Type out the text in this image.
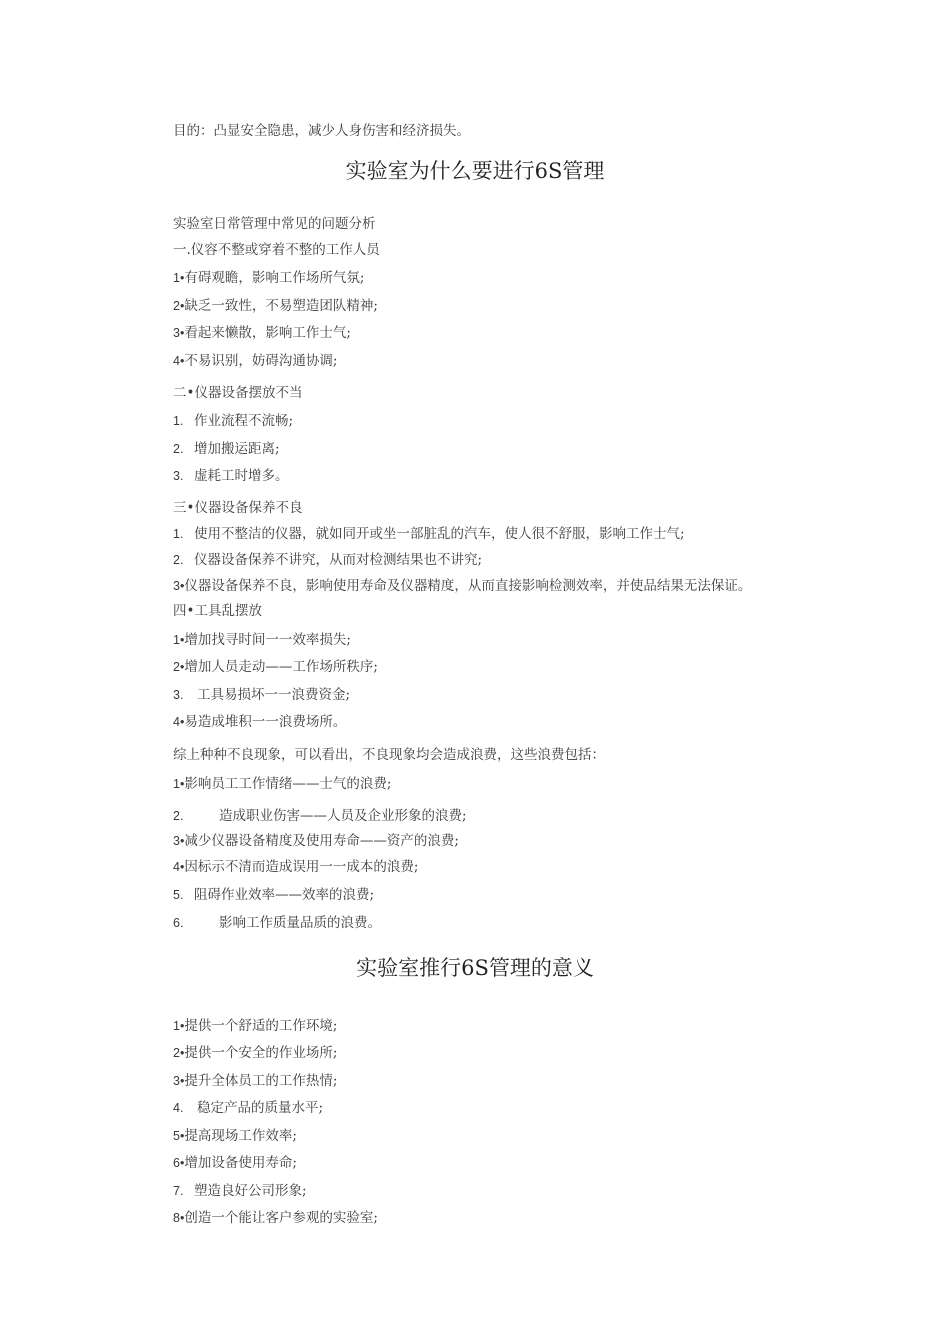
目的：凸显安全隐患，减少人身伤害和经济损失。
实验室为什么要进行6S管理
实验室日常管理中常见的问题分析
一.仪容不整或穿着不整的工作人员
1•有碍观瞻，影响工作场所气氛;
2•缺乏一致性，不易塑造团队精神;
3•看起来懒散，影响工作士气;
4•不易识别，妨碍沟通协调;
二•仪器设备摆放不当
1. 作业流程不流畅;
2. 增加搬运距离;
3. 虚耗工时增多。
三•仪器设备保养不良
1. 使用不整洁的仪器，就如同开或坐一部脏乱的汽车，使人很不舒服，影响工作士气;
2. 仪器设备保养不讲究，从而对检测结果也不讲究;
3•仪器设备保养不良，影响使用寿命及仪器精度，从而直接影响检测效率，并使品结果无法保证。
四•工具乱摆放
1•增加找寻时间一一效率损失;
2•增加人员走动——工作场所秩序;
3. 工具易损坏一一浪费资金;
4•易造成堆积一一浪费场所。
综上种种不良现象，可以看出，不良现象均会造成浪费，这些浪费包括：
1•影响员工工作情绪——士气的浪费;
2.	造成职业伤害——人员及企业形象的浪费;
3•减少仪器设备精度及使用寿命——资产的浪费;
4•因标示不清而造成误用一一成本的浪费;
5. 阻碍作业效率——效率的浪费;
6.	影响工作质量品质的浪费。
实验室推行6S管理的意义
1•提供一个舒适的工作环境;
2•提供一个安全的作业场所;
3•提升全体员工的工作热情;
4. 稳定产品的质量水平;
5•提高现场工作效率;
6•增加设备使用寿命;
7. 塑造良好公司形象;
8•创造一个能让客户参观的实验室;
